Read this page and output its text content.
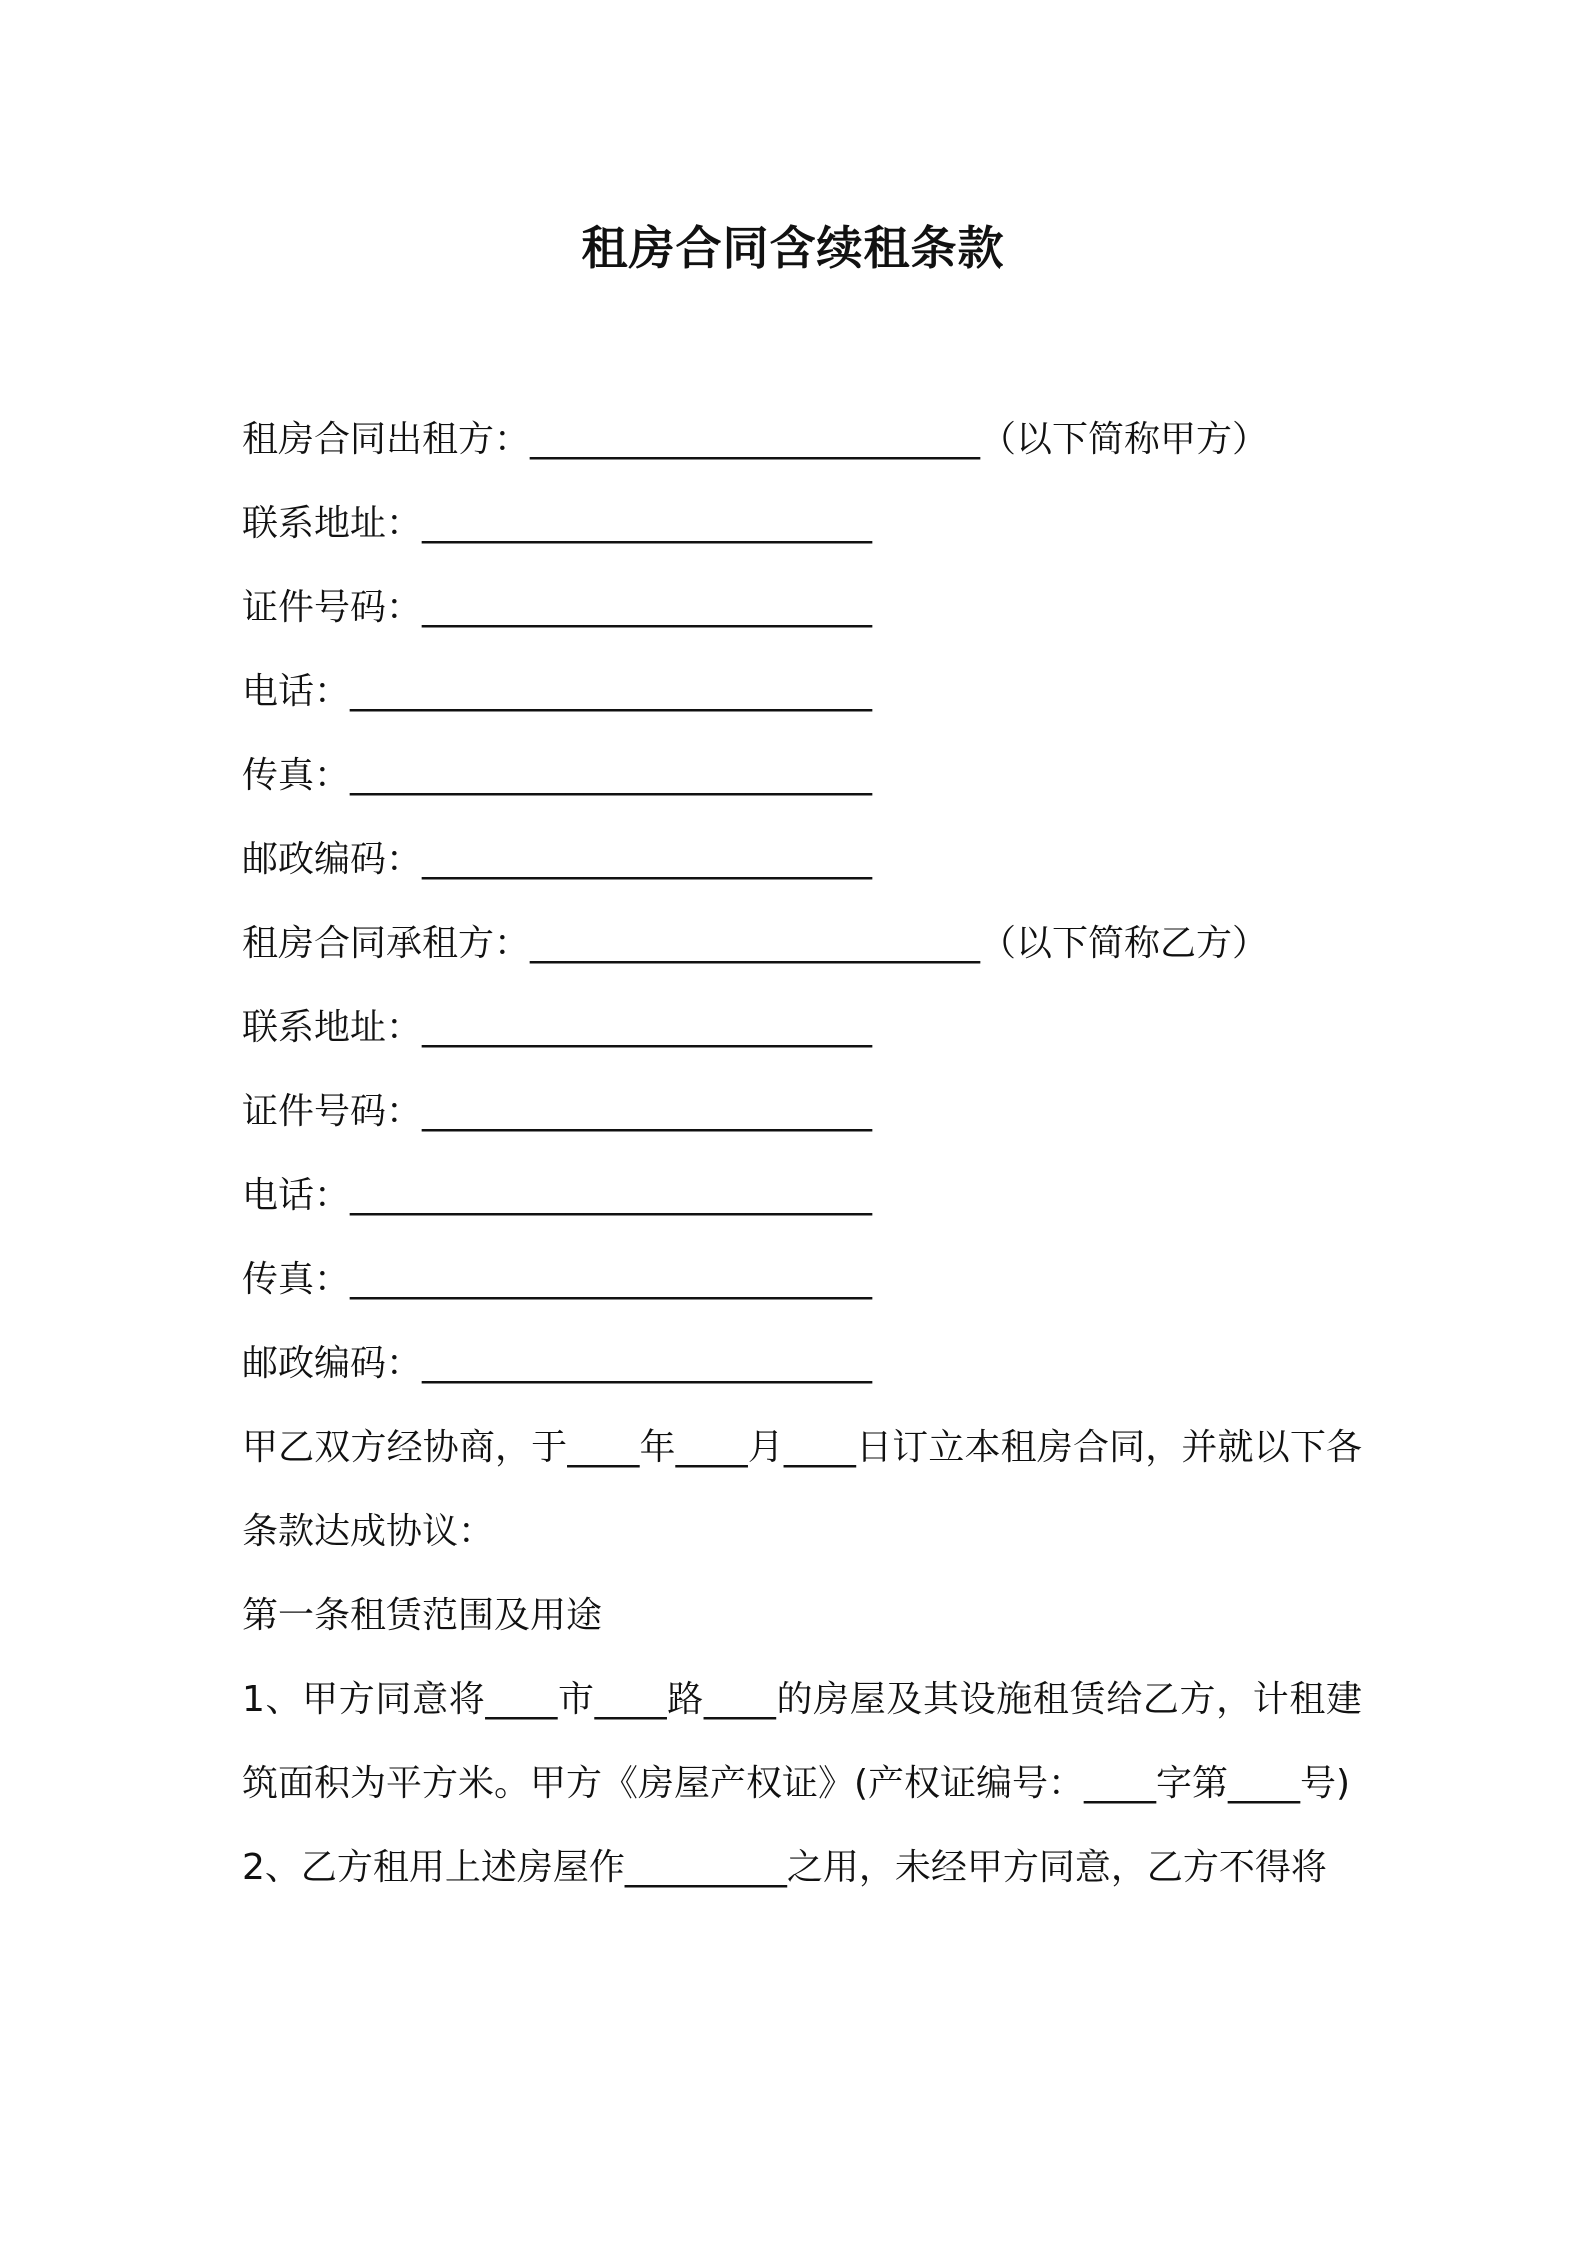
租房合同含续租条款
租房合同出租方：_________________________（以下简称甲方）
联系地址：_________________________
证件号码：_________________________
电话：_____________________________
传真：_____________________________
邮政编码：_________________________
租房合同承租方：_________________________（以下简称乙方）
联系地址：_________________________
证件号码：_________________________
电话：_____________________________
传真：_____________________________
邮政编码：_________________________
甲乙双方经协商，于____年____月____日订立本租房合同，并就以下各条款达成协议：
第一条租赁范围及用途
1、甲方同意将____市____路____的房屋及其设施租赁给乙方，计租建筑面积为平方米。甲方《房屋产权证》(产权证编号：____字第____号)
2、乙方租用上述房屋作_________之用，未经甲方同意，乙方不得将
